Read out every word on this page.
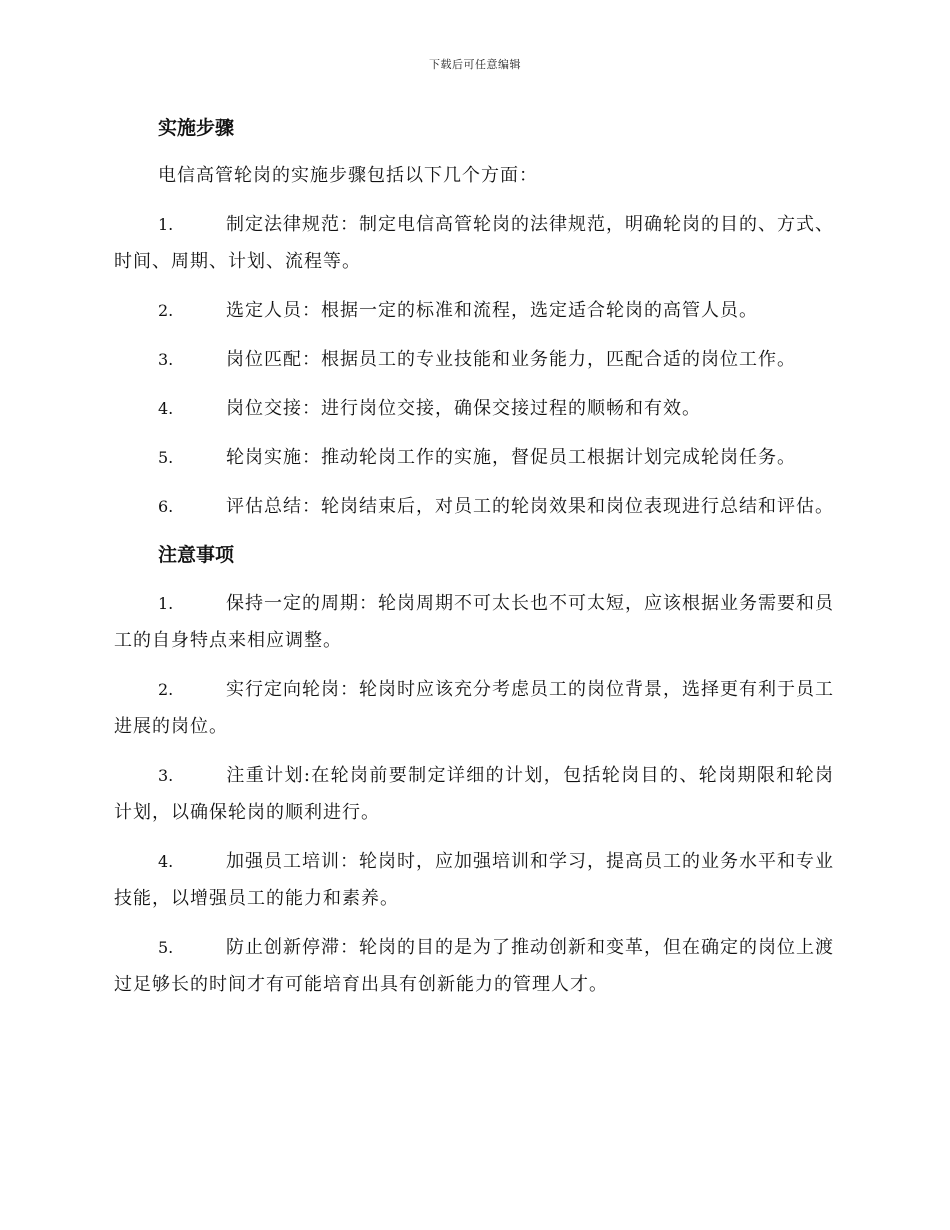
下载后可任意编辑
实施步骤
电信高管轮岗的实施步骤包括以下几个方面：
1.	制定法律规范：制定电信高管轮岗的法律规范，明确轮岗的目的、方式、时间、周期、计划、流程等。
2.	选定人员：根据一定的标准和流程，选定适合轮岗的高管人员。
3.	岗位匹配：根据员工的专业技能和业务能力，匹配合适的岗位工作。
4.	岗位交接：进行岗位交接，确保交接过程的顺畅和有效。
5.	轮岗实施：推动轮岗工作的实施，督促员工根据计划完成轮岗任务。
6.	评估总结：轮岗结束后，对员工的轮岗效果和岗位表现进行总结和评估。
注意事项
1.	保持一定的周期：轮岗周期不可太长也不可太短，应该根据业务需要和员工的自身特点来相应调整。
2.	实行定向轮岗：轮岗时应该充分考虑员工的岗位背景，选择更有利于员工进展的岗位。
3.	注重计划:在轮岗前要制定详细的计划，包括轮岗目的、轮岗期限和轮岗计划，以确保轮岗的顺利进行。
4.	加强员工培训：轮岗时，应加强培训和学习，提高员工的业务水平和专业技能，以增强员工的能力和素养。
5.	防止创新停滞：轮岗的目的是为了推动创新和变革，但在确定的岗位上渡过足够长的时间才有可能培育出具有创新能力的管理人才。
